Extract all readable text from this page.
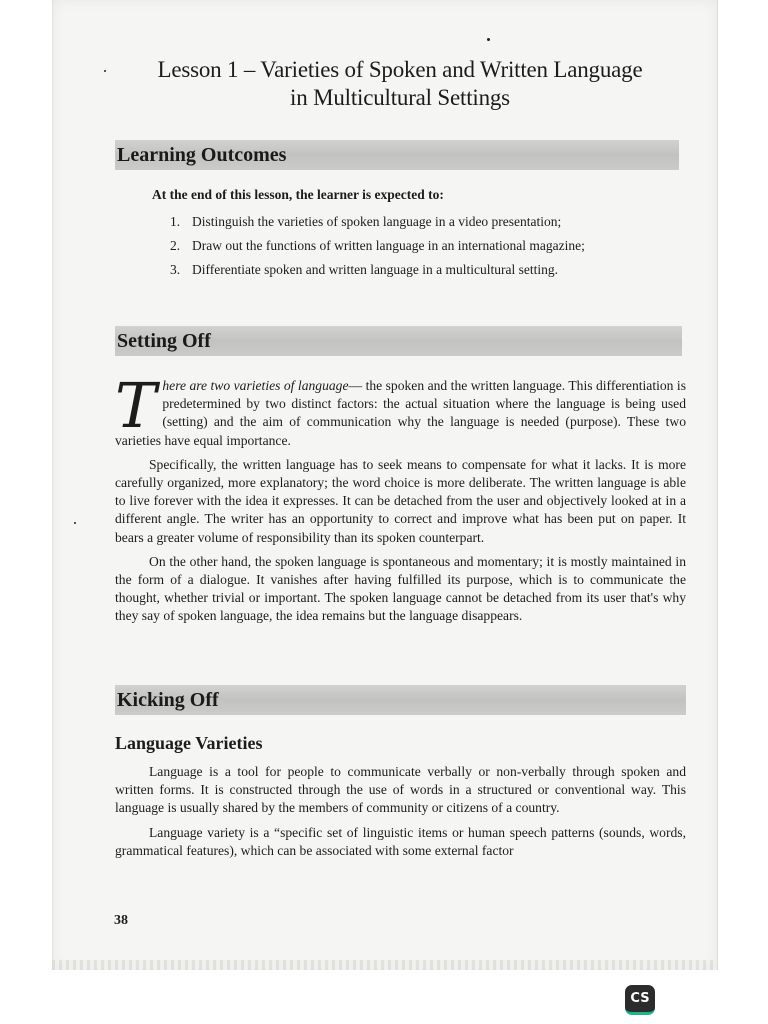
Lesson 1 – Varieties of Spoken and Written Language
in Multicultural Settings
Learning Outcomes

At the end of this lesson, the learner is expected to:

1. Distinguish the varieties of spoken language in a video presentation;
2. Draw out the functions of written language in an international magazine;
3. Differentiate spoken and written language in a multicultural setting.
Setting Off

There are two varieties of language— the spoken and the written language. This differentiation is predetermined by two distinct factors: the actual situation where the language is being used (setting) and the aim of communication why the language is needed (purpose). These two varieties have equal importance.

Specifically, the written language has to seek means to compensate for what it lacks. It is more carefully organized, more explanatory; the word choice is more deliberate. The written language is able to live forever with the idea it expresses. It can be detached from the user and objectively looked at in a different angle. The writer has an opportunity to correct and improve what has been put on paper. It bears a greater volume of responsibility than its spoken counterpart.

On the other hand, the spoken language is spontaneous and momentary; it is mostly maintained in the form of a dialogue. It vanishes after having fulfilled its purpose, which is to communicate the thought, whether trivial or important. The spoken language cannot be detached from its user that's why they say of spoken language, the idea remains but the language disappears.

Kicking Off
Language Varieties

Language is a tool for people to communicate verbally or non-verbally through spoken and written forms. It is constructed through the use of words in a structured or conventional way. This language is usually shared by the members of community or citizens of a country.

Language variety is a “specific set of linguistic items or human speech patterns (sounds, words, grammatical features), which can be associated with some external factor

38

CS
